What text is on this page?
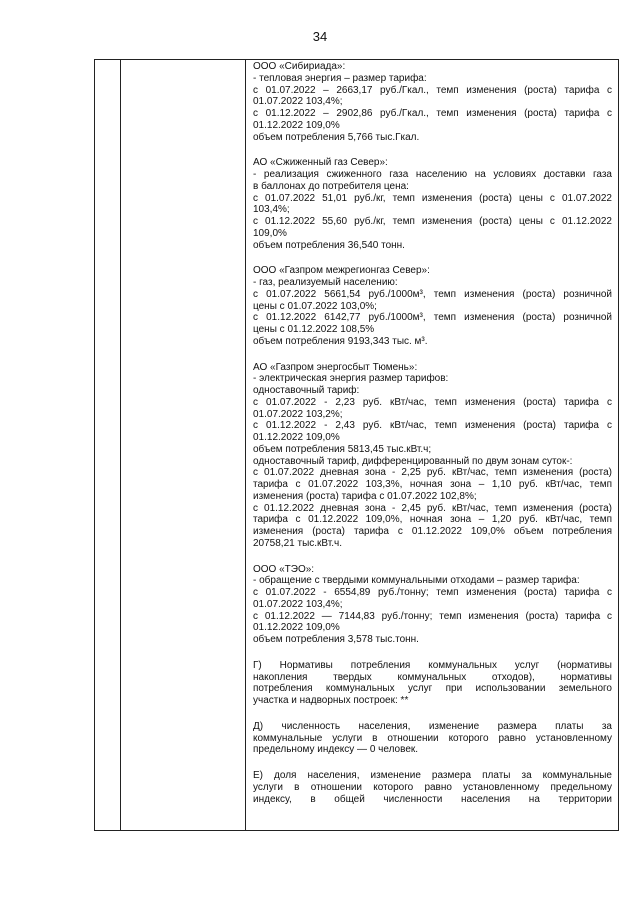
34

ООО «Сибириада»:
- тепловая энергия – размер тарифа:
с 01.07.2022 – 2663,17 руб./Гкал., темп изменения (роста) тарифа с
01.07.2022 103,4%;
с 01.12.2022 – 2902,86 руб./Гкал., темп изменения (роста) тарифа с
01.12.2022 109,0%
объем потребления 5,766 тыс.Гкал.
АО «Сжиженный газ Север»:
- реализация сжиженного газа населению на условиях доставки газа
в баллонах до потребителя цена:
с 01.07.2022 51,01 руб./кг, темп изменения (роста) цены с 01.07.2022
103,4%;
с 01.12.2022 55,60 руб./кг, темп изменения (роста) цены с 01.12.2022
109,0%
объем потребления 36,540 тонн.
ООО «Газпром межрегионгаз Север»:
- газ, реализуемый населению:
с 01.07.2022 5661,54 руб./1000м³, темп изменения (роста) розничной
цены с 01.07.2022 103,0%;
с 01.12.2022 6142,77 руб./1000м³, темп изменения (роста) розничной
цены с 01.12.2022 108,5%
объем потребления 9193,343 тыс. м³.
АО «Газпром энергосбыт Тюмень»:
- электрическая энергия размер тарифов:
одноставочный тариф:
с 01.07.2022 - 2,23 руб. кВт/час, темп изменения (роста) тарифа с
01.07.2022 103,2%;
с 01.12.2022 - 2,43 руб. кВт/час, темп изменения (роста) тарифа с
01.12.2022 109,0%
объем потребления 5813,45 тыс.кВт.ч;
одноставочный тариф, дифференцированный по двум зонам суток-:
с 01.07.2022 дневная зона - 2,25 руб. кВт/час, темп изменения (роста)
тарифа с 01.07.2022 103,3%, ночная зона – 1,10 руб. кВт/час, темп
изменения (роста) тарифа с 01.07.2022 102,8%;
с 01.12.2022 дневная зона - 2,45 руб. кВт/час, темп изменения (роста)
тарифа с 01.12.2022 109,0%, ночная зона – 1,20 руб. кВт/час, темп
изменения (роста) тарифа с 01.12.2022 109,0% объем потребления
20758,21 тыс.кВт.ч.
ООО «ТЭО»:
- обращение с твердыми коммунальными отходами – размер тарифа:
с 01.07.2022 - 6554,89 руб./тонну; темп изменения (роста) тарифа с
01.07.2022 103,4%;
с 01.12.2022 — 7144,83 руб./тонну; темп изменения (роста) тарифа с
01.12.2022 109,0%
объем потребления 3,578 тыс.тонн.
Г) Нормативы потребления коммунальных услуг (нормативы
накопления твердых коммунальных отходов), нормативы
потребления коммунальных услуг при использовании земельного
участка и надворных построек: **
Д) численность населения, изменение размера платы за
коммунальные услуги в отношении которого равно установленному
предельному индексу — 0 человек.
Е) доля населения, изменение размера платы за коммунальные
услуги в отношении которого равно установленному предельному
индексу, в общей численности населения на территории
